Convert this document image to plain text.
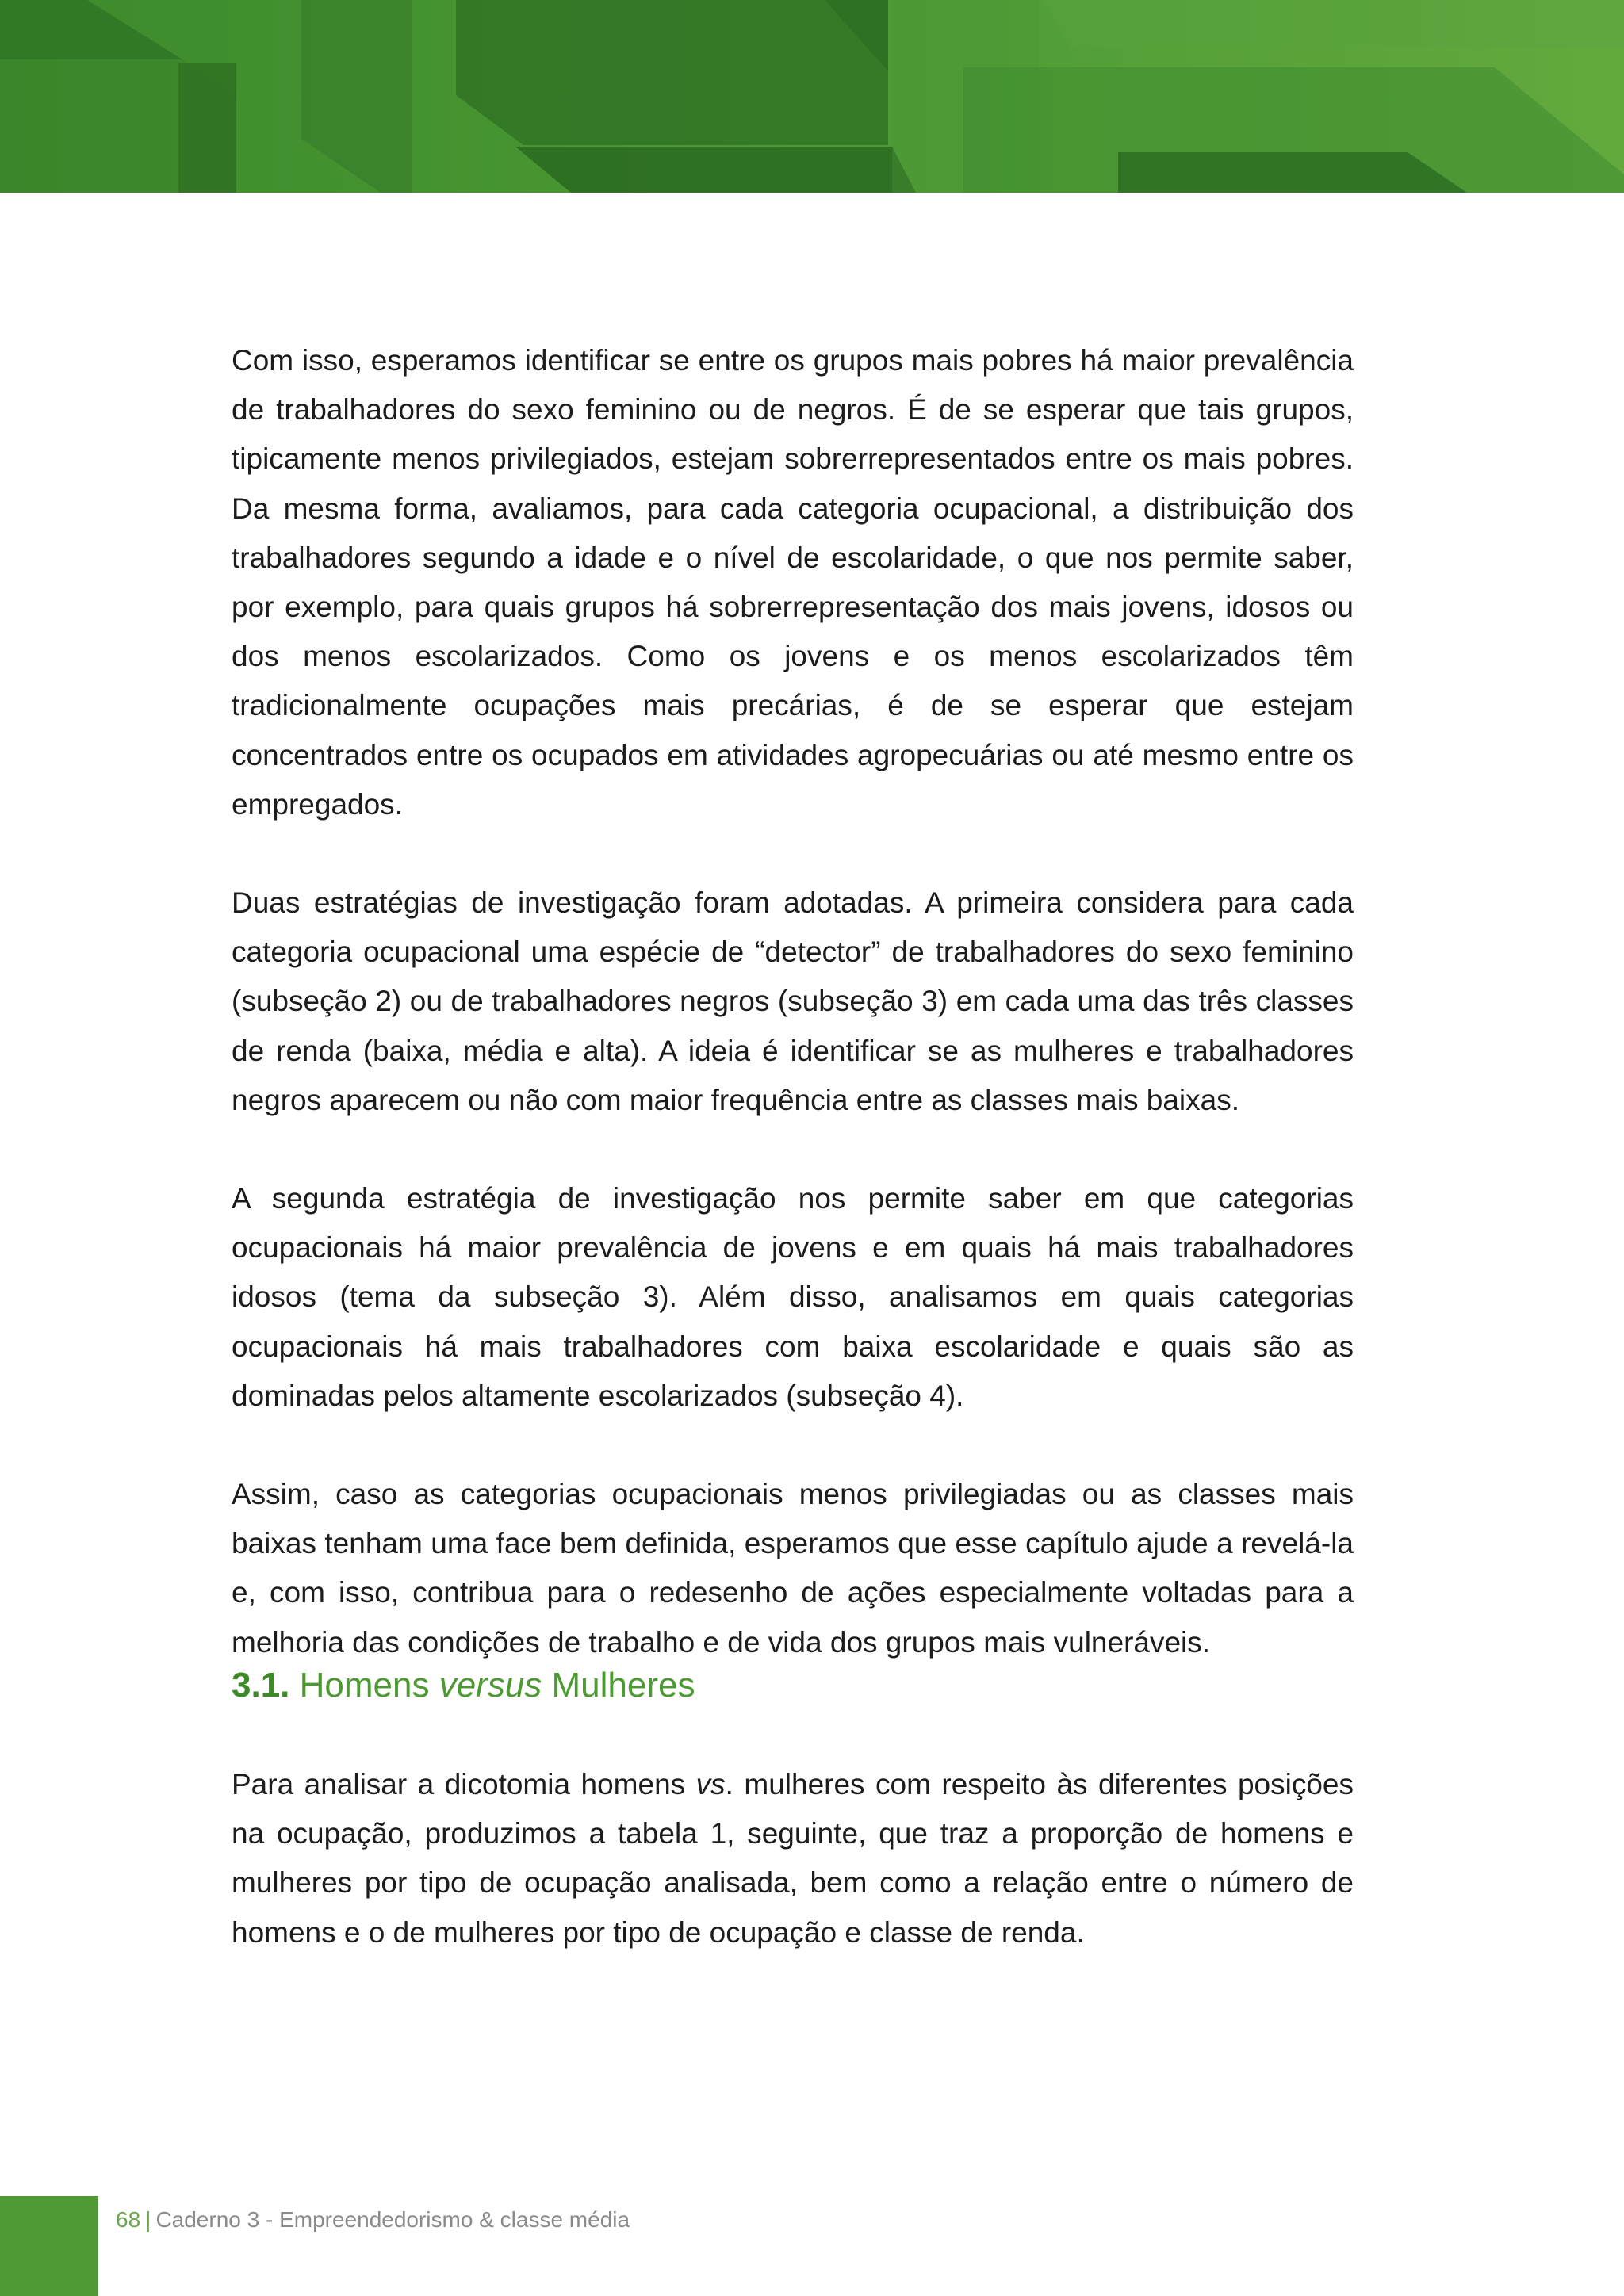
Com isso, esperamos identificar se entre os grupos mais pobres há maior prevalência de trabalhadores do sexo feminino ou de negros. É de se esperar que tais grupos, tipicamente menos privilegiados, estejam sobrerrepresentados entre os mais pobres. Da mesma forma, avaliamos, para cada categoria ocupacional, a distribuição dos trabalhadores segundo a idade e o nível de escolaridade, o que nos permite saber, por exemplo, para quais grupos há sobrerrepresentação dos mais jovens, idosos ou dos menos escolarizados. Como os jovens e os menos escolarizados têm tradicionalmente ocupações mais precárias, é de se esperar que estejam concentrados entre os ocupados em atividades agropecuárias ou até mesmo entre os empregados.

Duas estratégias de investigação foram adotadas. A primeira considera para cada categoria ocupacional uma espécie de “detector” de trabalhadores do sexo feminino (subseção 2) ou de trabalhadores negros (subseção 3) em cada uma das três classes de renda (baixa, média e alta). A ideia é identificar se as mulheres e trabalhadores negros aparecem ou não com maior frequência entre as classes mais baixas.

A segunda estratégia de investigação nos permite saber em que categorias ocupacionais há maior prevalência de jovens e em quais há mais trabalhadores idosos (tema da subseção 3). Além disso, analisamos em quais categorias ocupacionais há mais trabalhadores com baixa escolaridade e quais são as dominadas pelos altamente escolarizados (subseção 4).

Assim, caso as categorias ocupacionais menos privilegiadas ou as classes mais baixas tenham uma face bem definida, esperamos que esse capítulo ajude a revelá-la e, com isso, contribua para o redesenho de ações especialmente voltadas para a melhoria das condições de trabalho e de vida dos grupos mais vulneráveis.

3.1. Homens versus Mulheres

Para analisar a dicotomia homens vs. mulheres com respeito às diferentes posições na ocupação, produzimos a tabela 1, seguinte, que traz a proporção de homens e mulheres por tipo de ocupação analisada, bem como a relação entre o número de homens e o de mulheres por tipo de ocupação e classe de renda.

68 | Caderno 3 - Empreendedorismo & classe média
